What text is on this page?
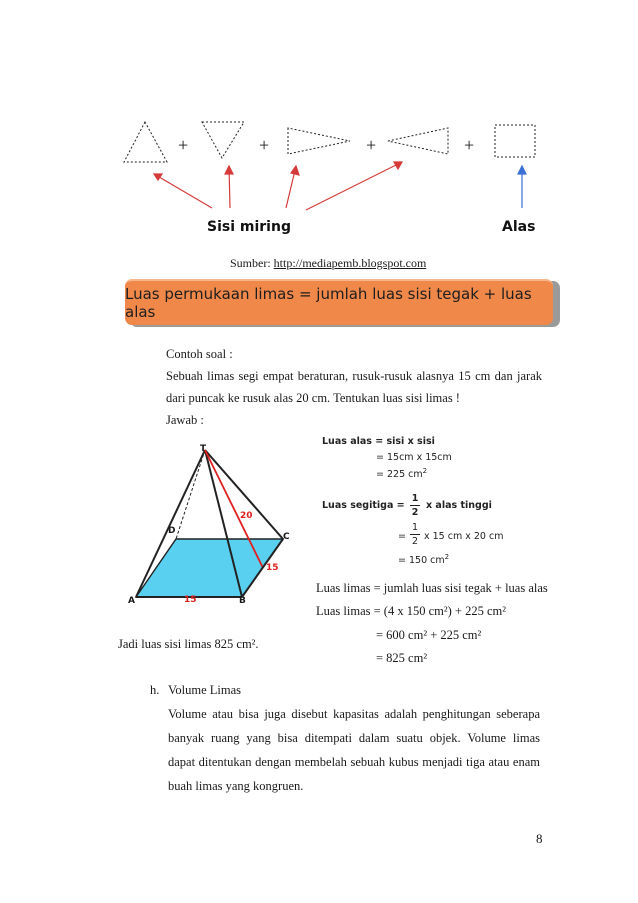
+	+	+	+
Sisi miring	Alas
Sumber: http://mediapemb.blogspot.com
Luas permukaan limas = jumlah luas sisi tegak + luas alas
Contoh soal :
Sebuah limas segi empat beraturan, rusuk-rusuk alasnya 15 cm dan jarak
dari puncak ke rusuk alas 20 cm. Tentukan luas sisi limas !
Jawab :
T
D
C
A	B
20
15
15
Luas alas = sisi x sisi
= 15cm x 15cm
= 225 $cm^2$
Luas segitiga =
1
2
x alas tinggi
=
1
2 x 15 cm x 20 cm
= 150 $cm^2$
Luas limas = jumlah luas sisi tegak + luas alas
Luas limas = (4 x 150 cm²) + 225 cm²
= 600 cm² + 225 cm²
= 825 cm²
Jadi luas sisi limas 825 cm².
h. Volume Limas
Volume atau bisa juga disebut kapasitas adalah penghitungan seberapa
banyak ruang yang bisa ditempati dalam suatu objek. Volume limas
dapat ditentukan dengan membelah sebuah kubus menjadi tiga atau enam
buah limas yang kongruen.
8
